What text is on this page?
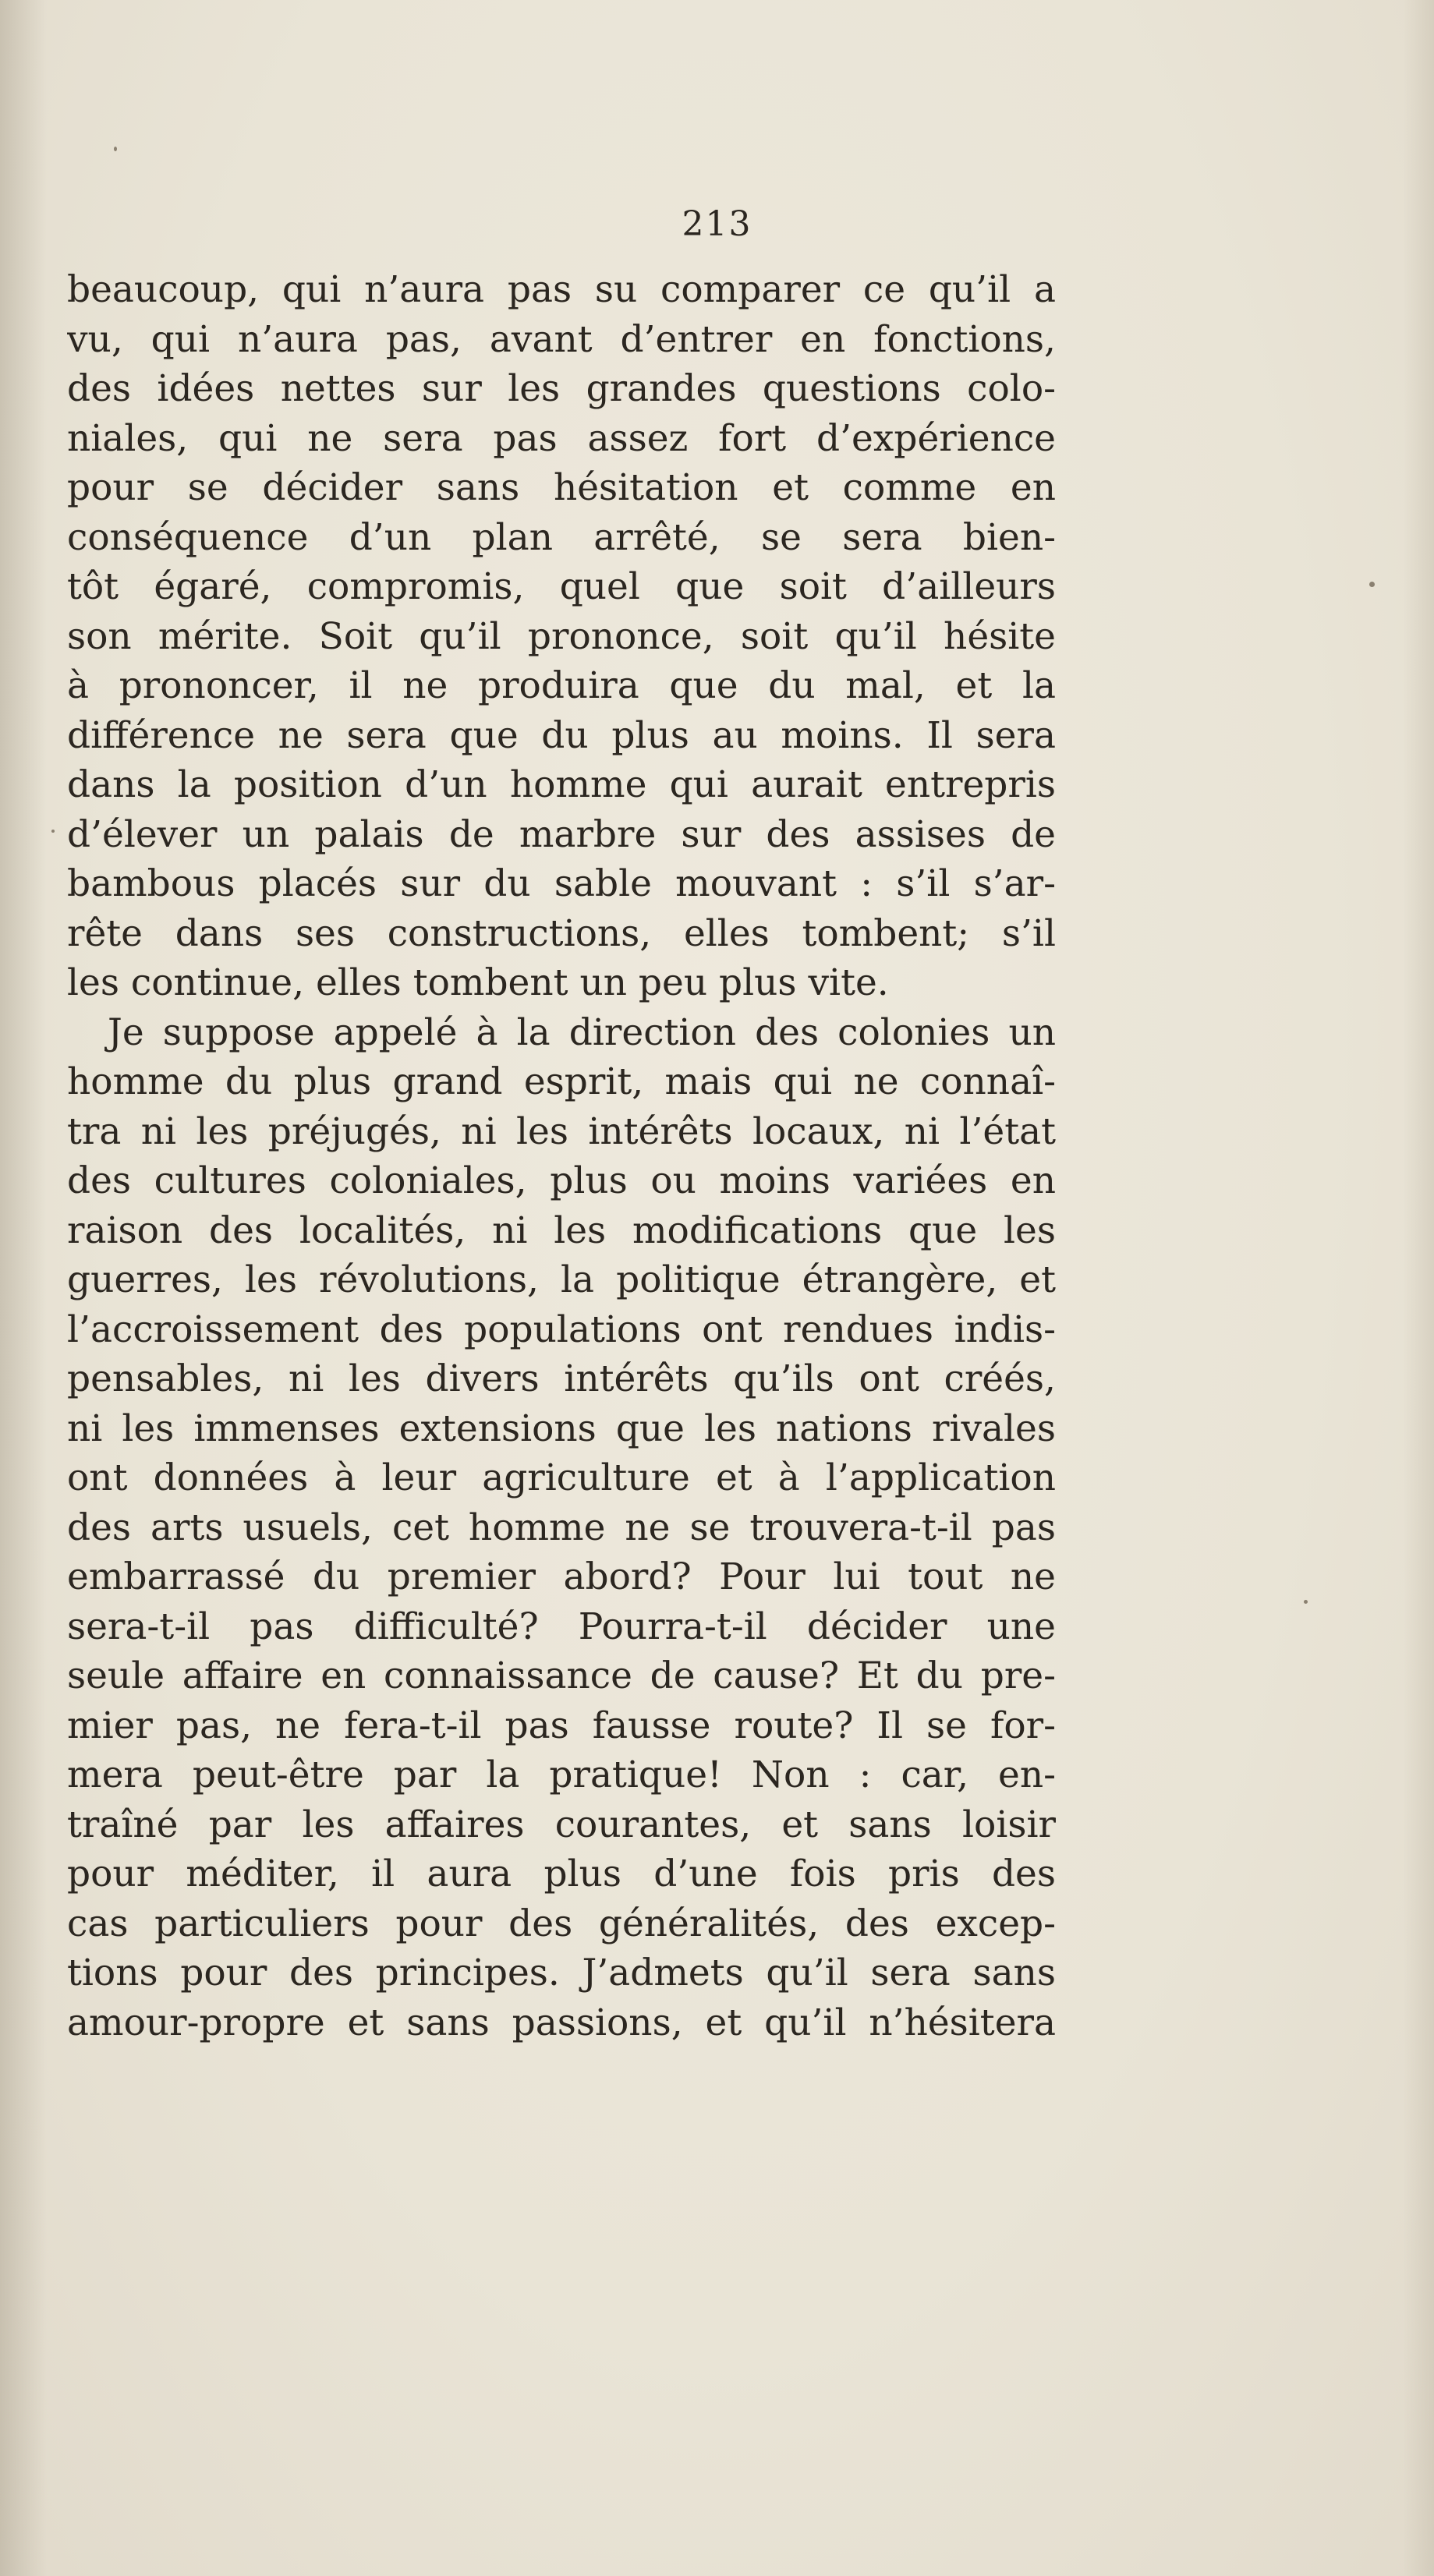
213
beaucoup, qui n’aura pas su comparer ce qu’il a
vu, qui n’aura pas, avant d’entrer en fonctions,
des idées nettes sur les grandes questions colo-
niales, qui ne sera pas assez fort d’expérience
pour se décider sans hésitation et comme en
conséquence d’un plan arrêté, se sera bien-
tôt égaré, compromis, quel que soit d’ailleurs
son mérite. Soit qu’il prononce, soit qu’il hésite
à prononcer, il ne produira que du mal, et la
différence ne sera que du plus au moins. Il sera
dans la position d’un homme qui aurait entrepris
d’élever un palais de marbre sur des assises de
bambous placés sur du sable mouvant : s’il s’ar-
rête dans ses constructions, elles tombent; s’il
les continue, elles tombent un peu plus vite.
Je suppose appelé à la direction des colonies un
homme du plus grand esprit, mais qui ne connaî-
tra ni les préjugés, ni les intérêts locaux, ni l’état
des cultures coloniales, plus ou moins variées en
raison des localités, ni les modifications que les
guerres, les révolutions, la politique étrangère, et
l’accroissement des populations ont rendues indis-
pensables, ni les divers intérêts qu’ils ont créés,
ni les immenses extensions que les nations rivales
ont données à leur agriculture et à l’application
des arts usuels, cet homme ne se trouvera-t-il pas
embarrassé du premier abord? Pour lui tout ne
sera-t-il pas difficulté? Pourra-t-il décider une
seule affaire en connaissance de cause? Et du pre-
mier pas, ne fera-t-il pas fausse route? Il se for-
mera peut-être par la pratique! Non : car, en-
traîné par les affaires courantes, et sans loisir
pour méditer, il aura plus d’une fois pris des
cas particuliers pour des généralités, des excep-
tions pour des principes. J’admets qu’il sera sans
amour-propre et sans passions, et qu’il n’hésitera
